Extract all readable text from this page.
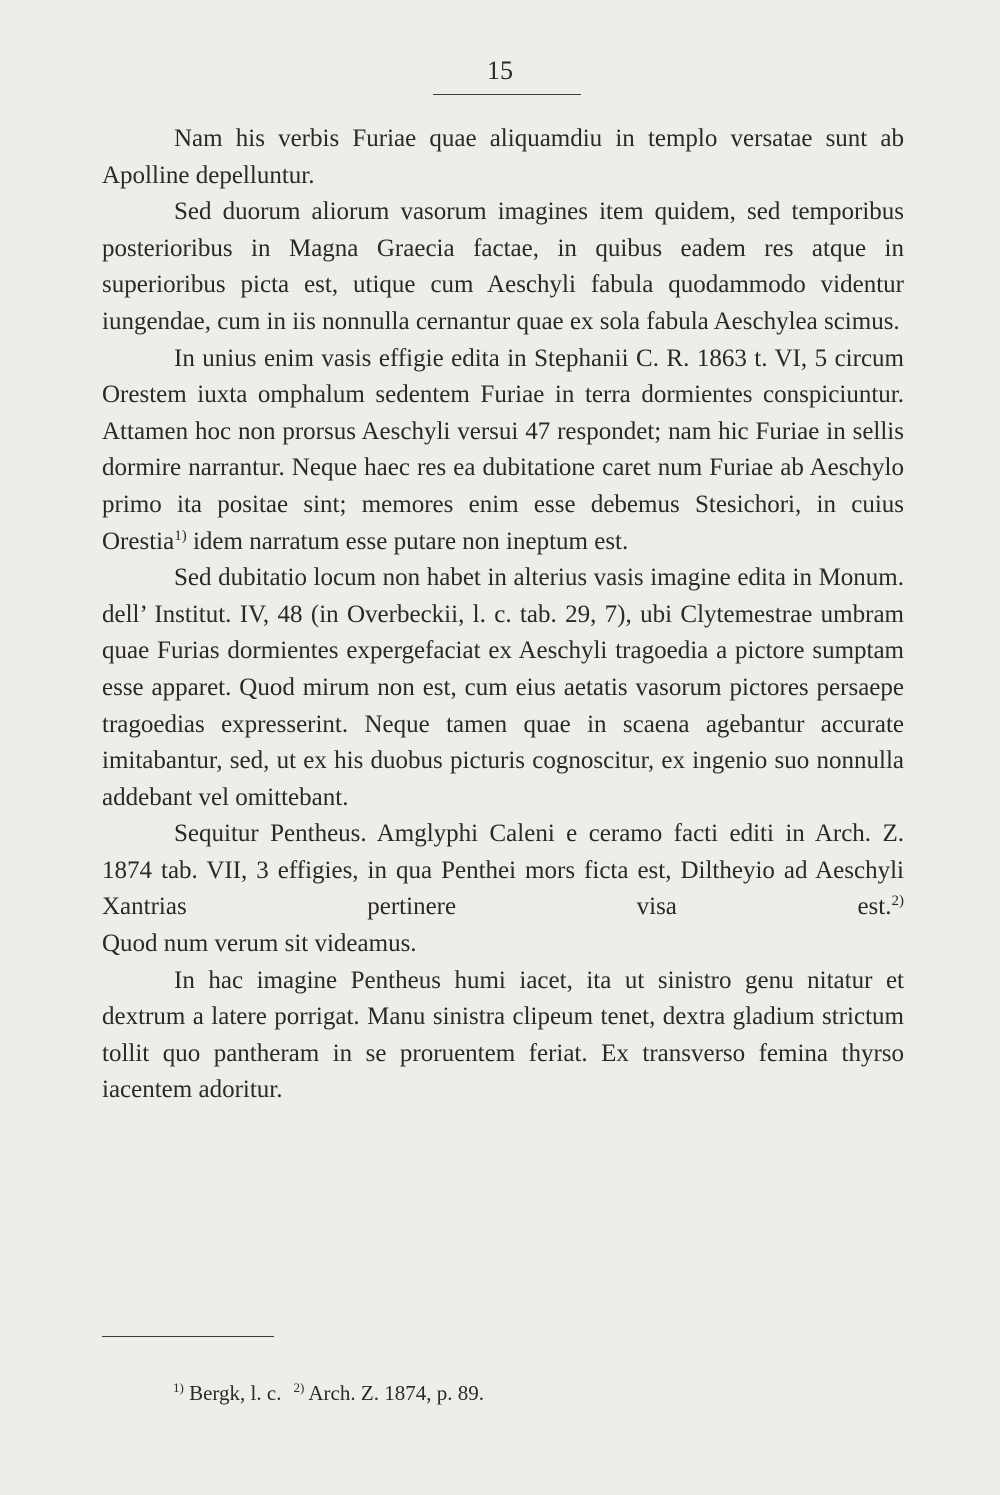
15

Nam his verbis Furiae quae aliquamdiu in templo versatae sunt ab Apolline depelluntur.

Sed duorum aliorum vasorum imagines item quidem, sed temporibus posterioribus in Magna Graecia factae, in quibus eadem res atque in superioribus picta est, utique cum Aeschyli fabula quodammodo videntur iungendae, cum in iis nonnulla cernantur quae ex sola fabula Aeschylea scimus.

In unius enim vasis effigie edita in Stephanii C. R. 1863 t. VI, 5 circum Orestem iuxta omphalum sedentem Furiae in terra dormientes conspiciuntur. Attamen hoc non prorsus Aeschyli versui 47 respondet; nam hic Furiae in sellis dormire narrantur. Neque haec res ea dubitatione caret num Furiae ab Aeschylo primo ita positae sint; memores enim esse debemus Stesichori, in cuius Orestia$^{1)}$ idem narratum esse putare non ineptum est.

Sed dubitatio locum non habet in alterius vasis imagine edita in Monum. dell’ Institut. IV, 48 (in Overbeckii, l. c. tab. 29, 7), ubi Clytemestrae umbram quae Furias dormientes expergefaciat ex Aeschyli tragoedia a pictore sumptam esse apparet. Quod mirum non est, cum eius aetatis vasorum pictores persaepe tragoedias expresserint. Neque tamen quae in scaena agebantur accurate imitabantur, sed, ut ex his duobus picturis cognoscitur, ex ingenio suo nonnulla addebant vel omittebant.

Sequitur Pentheus. Amglyphi Caleni e ceramo facti editi in Arch. Z. 1874 tab. VII, 3 effigies, in qua Penthei mors ficta est, Diltheyio ad Aeschyli Xantrias pertinere visa est.$^{2)}$

Quod num verum sit videamus.

In hac imagine Pentheus humi iacet, ita ut sinistro genu nitatur et dextrum a latere porrigat. Manu sinistra clipeum tenet, dextra gladium strictum tollit quo pantheram in se proruentem feriat. Ex transverso femina thyrso iacentem adoritur.

$^{1)}$ Bergk, l. c. $^{2)}$ Arch. Z. 1874, p. 89.
